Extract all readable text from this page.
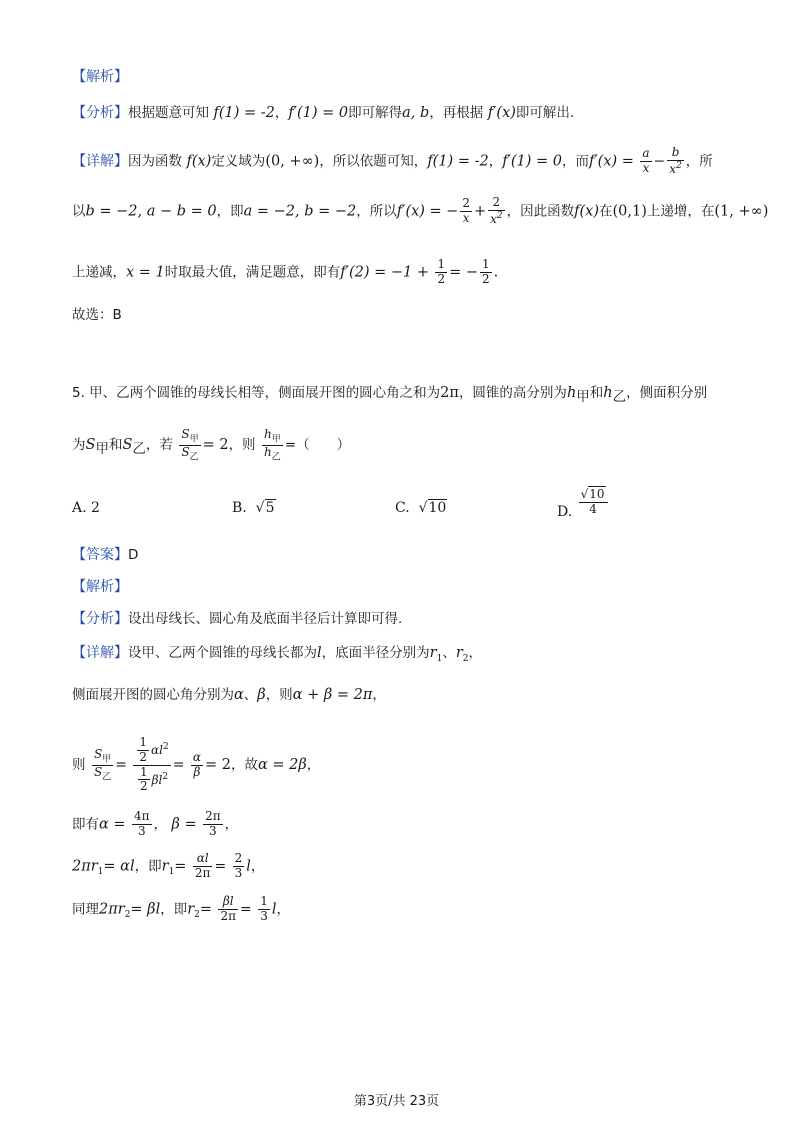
【解析】
【分析】根据题意可知 f(1) = -2，f′(1) = 0即可解得a, b，再根据 f′(x)即可解出.
【详解】因为函数 f(x)定义域为(0, +∞)，所以依题可知，f(1) = -2，f′(1) = 0，而$f'(x) = \frac{a}{x} - \frac{b}{x^2}$ ，所
以b = −2, a − b = 0，即a = −2, b = −2，所以f′(x) = − $\frac{2}{x} + \frac{2}{x^2}$ ，因此函数f(x)在(0,1)上递增，在(1, +∞)
上递减，x = 1时取最大值，满足题意，即有$f'(2) = -1 + \frac{1}{2}$ = − $\frac{1}{2}$ .
故选：B
5. 甲、乙两个圆锥的母线长相等，侧面展开图的圆心角之和为2π，圆锥的高分别为$h_甲$和$h_乙$，侧面积分别
为$S_甲$和$S_乙$，若 $\frac{S_甲}{S_乙} = 2$，则 $\frac{h_甲}{h_乙}$ =（　　）
A. 2	B.  √5	C.  √10	D. $\frac{√10}{4}$
【答案】D
【解析】
【分析】设出母线长、圆心角及底面半径后计算即可得.
【详解】设甲、乙两个圆锥的母线长都为l，底面半径分别为$r_1$、$r_2$，
侧面展开图的圆心角分别为α、β，则α + β = 2π，
则 $\frac{S_甲}{S_乙} = \frac{\frac{1}{2} \alpha l^2}{\frac{1}{2} \beta l^2} = \frac{\alpha}{\beta} = 2$，故α = 2β，
即有$\alpha = \frac{4\pi}{3}$ ， $\beta = \frac{2\pi}{3}$ ，
$2\pi r_1= \alpha l$，即$r_1= \frac{\alpha l}{2\pi} = \frac{2}{3}$ l，
同理$2\pi r_2= \beta l$，即$r_2= \frac{\beta l}{2\pi} = \frac{1}{3}$ l，
第3页/共 23页
